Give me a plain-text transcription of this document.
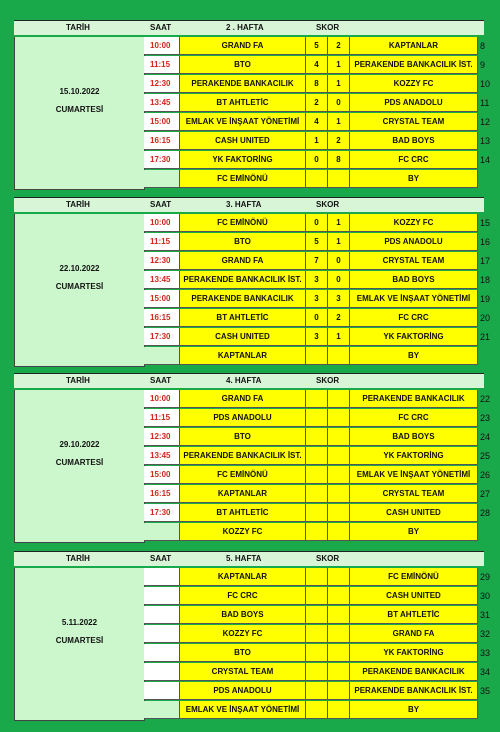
TARİH	SAAT	2 . HAFTA	SKOR
15.10.2022
CUMARTESİ
10:00	GRAND FA	5	2	KAPTANLAR	8
11:15	BTO	4	1	PERAKENDE BANKACILIK İST. 9
12:30	PERAKENDE BANKACILIK	8	1	KOZZY FC	10
13:45	BT AHTLETİC	2	0	PDS ANADOLU	11
15:00	EMLAK VE İNŞAAT YÖNETİMİ	4	1	CRYSTAL TEAM	12
16:15	CASH UNITED	1	2	BAD BOYS	13
17:30	YK FAKTORİNG	0	8	FC CRC	14
FC EMİNÖNÜ	BY
TARİH	SAAT	3. HAFTA	SKOR
22.10.2022
CUMARTESİ
10:00	FC EMİNÖNÜ	0	1	KOZZY FC	15
11:15	BTO	5	1	PDS ANADOLU	16
12:30	GRAND FA	7	0	CRYSTAL TEAM	17
13:45	PERAKENDE BANKACILIK İST.	3	0	BAD BOYS	18
15:00	PERAKENDE BANKACILIK	3	3	EMLAK VE İNŞAAT YÖNETİMİ	19
16:15	BT AHTLETİC	0	2	FC CRC	20
17:30	CASH UNITED	3	1	YK FAKTORİNG	21
KAPTANLAR	BY
TARİH	SAAT	4. HAFTA	SKOR
29.10.2022
CUMARTESİ
10:00	GRAND FA	PERAKENDE BANKACILIK	22
11:15	PDS ANADOLU	FC CRC	23
12:30	BTO	BAD BOYS	24
13:45	PERAKENDE BANKACILIK İST.	YK FAKTORİNG	25
15:00	FC EMİNÖNÜ	EMLAK VE İNŞAAT YÖNETİMİ	26
16:15	KAPTANLAR	CRYSTAL TEAM	27
17:30	BT AHTLETİC	CASH UNITED	28
KOZZY FC	BY
TARİH	SAAT	5. HAFTA	SKOR
5.11.2022
CUMARTESİ
KAPTANLAR	FC EMİNÖNÜ	29
FC CRC	CASH UNITED	30
BAD BOYS	BT AHTLETİC	31
KOZZY FC	GRAND FA	32
BTO	YK FAKTORİNG	33
CRYSTAL TEAM	PERAKENDE BANKACILIK	34
PDS ANADOLU	PERAKENDE BANKACILIK İST. 35
EMLAK VE İNŞAAT YÖNETİMİ	BY
